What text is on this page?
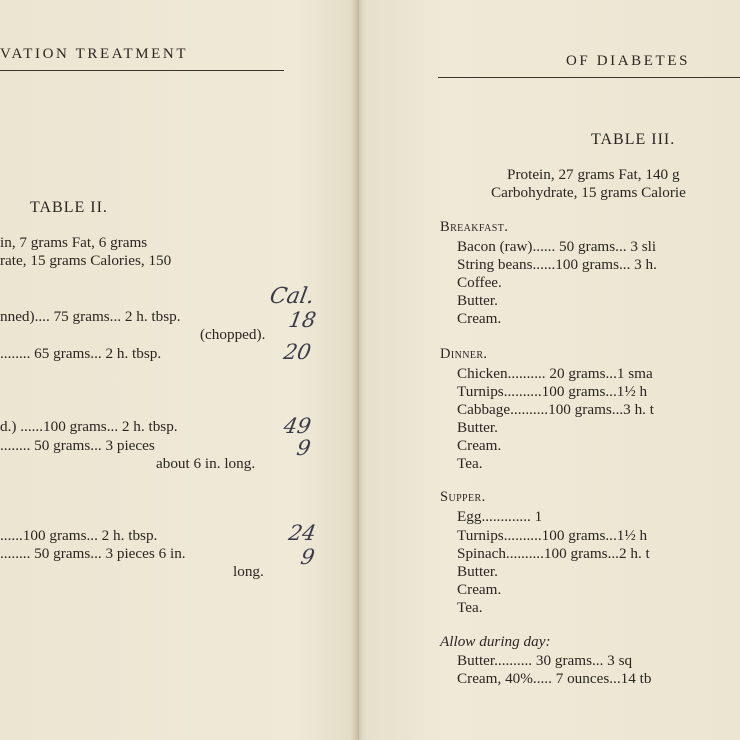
VATION TREATMENT
TABLE II.
in, 7 grams Fat, 6 grams
rate, 15 grams Calories, 150
nned).... 75 grams... 2 h. tbsp.
(chopped).
........ 65 grams... 2 h. tbsp.
d.) ......100 grams... 2 h. tbsp.
........ 50 grams... 3 pieces
about 6 in. long.
......100 grams... 2 h. tbsp.
........ 50 grams... 3 pieces 6 in.
long.
Cal.
18
20
49
9
24
9
OF DIABETES
TABLE III.
Protein, 27 grams Fat, 140 g
Carbohydrate, 15 grams Calorie
Breakfast.
Bacon (raw)...... 50 grams... 3 sli
String beans......100 grams... 3 h.
Coffee.
Butter.
Cream.
Dinner.
Chicken.......... 20 grams...1 sma
Turnips..........100 grams...1½ h
Cabbage..........100 grams...3 h. t
Butter.
Cream.
Tea.
Supper.
Egg............. 1
Turnips..........100 grams...1½ h
Spinach..........100 grams...2 h. t
Butter.
Cream.
Tea.
Allow during day:
Butter.......... 30 grams... 3 sq
Cream, 40%..... 7 ounces...14 tb
